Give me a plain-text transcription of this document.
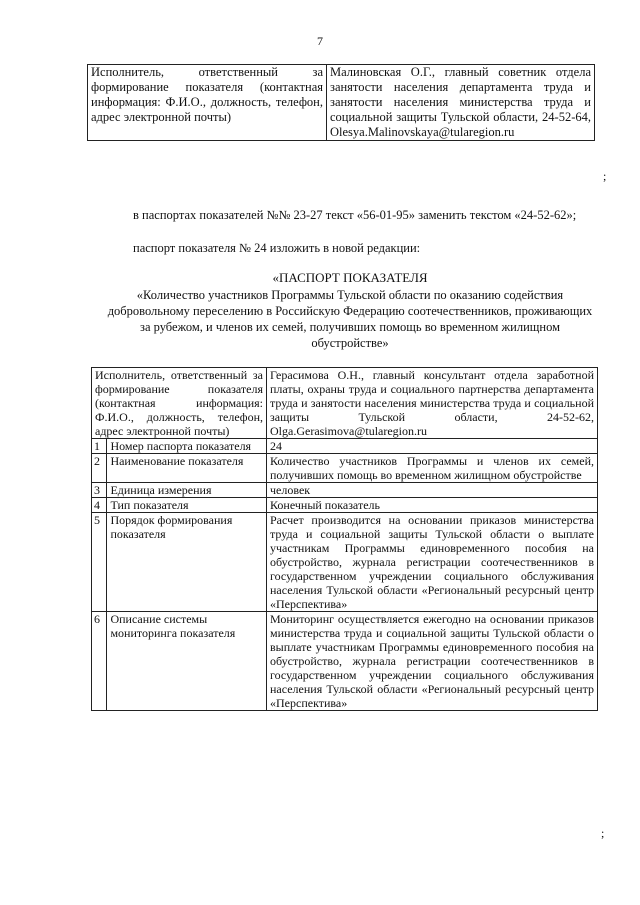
7
Исполнитель, ответственный за формирование показателя (контактная информация: Ф.И.О., должность, телефон, адрес электронной почты)	Малиновская О.Г., главный советник отдела занятости населения департамента труда и занятости населения министерства труда и социальной защиты Тульской области, 24-52-64, Olesya.Malinovskaya@tularegion.ru
;
в паспортах показателей №№ 23-27 текст «56-01-95» заменить текстом «24-52-62»;
паспорт показателя № 24 изложить в новой редакции:
«ПАСПОРТ ПОКАЗАТЕЛЯ
«Количество участников Программы Тульской области по оказанию содействия добровольному переселению в Российскую Федерацию соотечественников, проживающих за рубежом, и членов их семей, получивших помощь во временном жилищном обустройстве»
Исполнитель, ответственный за формирование показателя (контактная информация: Ф.И.О., должность, телефон, адрес электронной почты)		Герасимова О.Н., главный консультант отдела заработной платы, охраны труда и социального партнерства департамента труда и занятости населения министерства труда и социальной защиты Тульской области, 24-52-62, Olga.Gerasimova@tularegion.ru
1	Номер паспорта показателя	24
2	Наименование показателя	Количество участников Программы и членов их семей, получивших помощь во временном жилищном обустройстве
3	Единица измерения	человек
4	Тип показателя	Конечный показатель
5	Порядок формирования показателя	Расчет производится на основании приказов министерства труда и социальной защиты Тульской области о выплате участникам Программы единовременного пособия на обустройство, журнала регистрации соотечественников в государственном учреждении социального обслуживания населения Тульской области «Региональный ресурсный центр «Перспектива»
6	Описание системы мониторинга показателя	Мониторинг осуществляется ежегодно на основании приказов министерства труда и социальной защиты Тульской области о выплате участникам Программы единовременного пособия на обустройство, журнала регистрации соотечественников в государственном учреждении социального обслуживания населения Тульской области «Региональный ресурсный центр «Перспектива»
;
